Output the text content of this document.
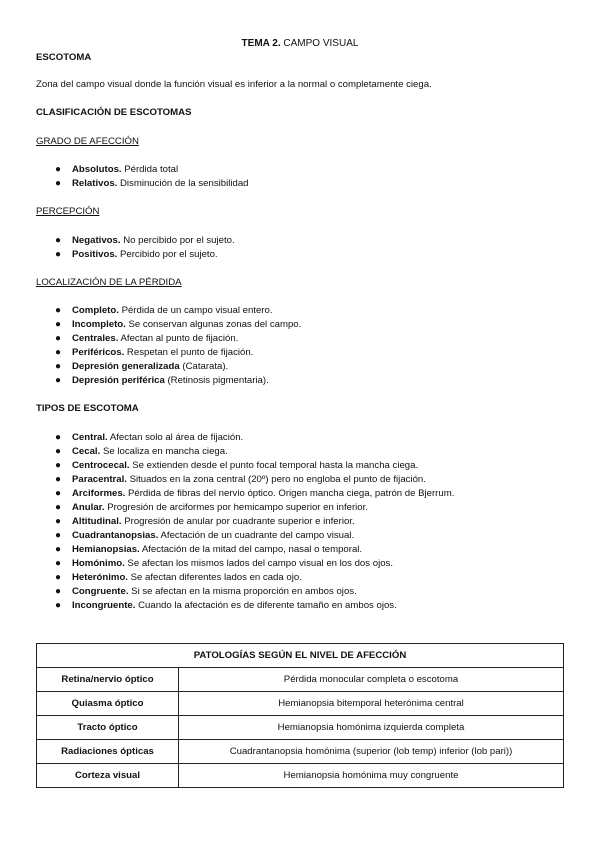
TEMA 2. CAMPO VISUAL
ESCOTOMA
Zona del campo visual donde la función visual es inferior a la normal o completamente ciega.
CLASIFICACIÓN DE ESCOTOMAS
GRADO DE AFECCIÓN
● Absolutos. Pérdida total
● Relativos. Disminución de la sensibilidad
PERCEPCIÓN
● Negativos. No percibido por el sujeto.
● Positivos. Percibido por el sujeto.
LOCALIZACIÓN DE LA PÉRDIDA
● Completo. Pérdida de un campo visual entero.
● Incompleto. Se conservan algunas zonas del campo.
● Centrales. Afectan al punto de fijación.
● Periféricos. Respetan el punto de fijación.
● Depresión generalizada (Catarata).
● Depresión periférica (Retinosis pigmentaria).
TIPOS DE ESCOTOMA
● Central. Afectan solo al área de fijación.
● Cecal. Se localiza en mancha ciega.
● Centrocecal. Se extienden desde el punto focal temporal hasta la mancha ciega.
● Paracentral. Situados en la zona central (20º) pero no engloba el punto de fijación.
● Arciformes. Pérdida de fibras del nervio óptico. Origen mancha ciega, patrón de Bjerrum.
● Anular. Progresión de arciformes por hemicampo superior en inferior.
● Altitudinal. Progresión de anular por cuadrante superior e inferior.
● Cuadrantanopsias. Afectación de un cuadrante del campo visual.
● Hemianopsias. Afectación de la mitad del campo, nasal o temporal.
● Homónimo. Se afectan los mismos lados del campo visual en los dos ojos.
● Heterónimo. Se afectan diferentes lados en cada ojo.
● Congruente. Si se afectan en la misma proporción en ambos ojos.
● Incongruente. Cuando la afectación es de diferente tamaño en ambos ojos.
PATOLOGÍAS SEGÚN EL NIVEL DE AFECCIÓN	
Retina/nervio óptico	Pérdida monocular completa o escotoma
Quiasma óptico	Hemianopsia bitemporal heterónima central
Tracto óptico	Hemianopsia homónima izquierda completa
Radiaciones ópticas	Cuadrantanopsia homónima (superior (lob temp) inferior (lob pari))
Corteza visual	Hemianopsia homónima muy congruente
